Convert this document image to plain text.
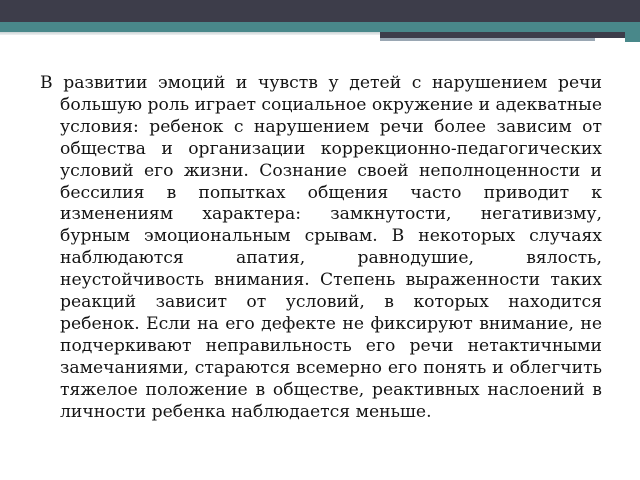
В развитии эмоций и чувств у детей с нарушением речи большую роль играет социальное окружение и адекватные условия: ребенок с нарушением речи более зависим от общества и организации коррекционно-педагогических условий его жизни. Сознание своей неполноценности и бессилия в попытках общения часто приводит к изменениям характера: замкнутости, негативизму, бурным эмоциональным срывам. В некоторых случаях наблюдаются апатия, равнодушие, вялость, неустойчивость внимания. Степень выраженности таких реакций зависит от условий, в которых находится ребенок. Если на его дефекте не фиксируют внимание, не подчеркивают неправильность его речи нетактичными замечаниями, стараются всемерно его понять и облегчить тяжелое положение в обществе, реактивных наслоений в личности ребенка наблюдается меньше.
